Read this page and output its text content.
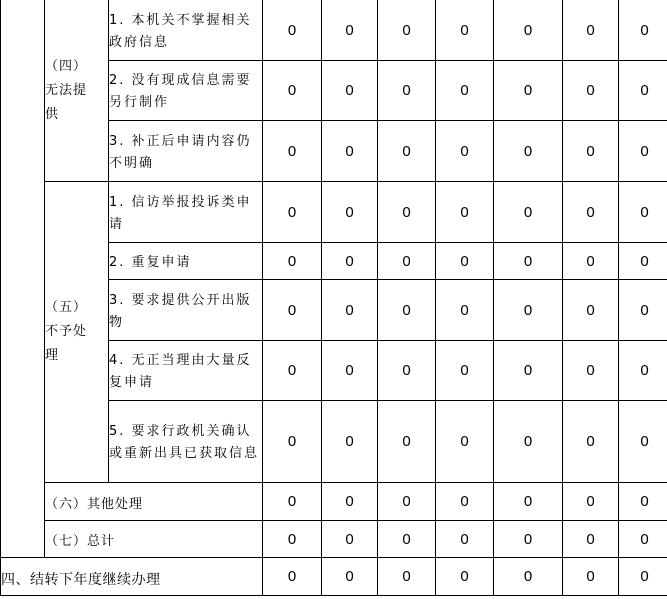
	（四）
无法提
供	1. 本机关不掌握相关政府信息	0	0	0	0	0	0	0

		2. 没有现成信息需要另行制作	0	0	0	0	0	0	0

		3. 补正后申请内容仍不明确	0	0	0	0	0	0	0

	（五）
不予处
理	1. 信访举报投诉类申请	0	0	0	0	0	0	0

		2. 重复申请	0	0	0	0	0	0	0

		3. 要求提供公开出版物	0	0	0	0	0	0	0

		4. 无正当理由大量反复申请	0	0	0	0	0	0	0

		5. 要求行政机关确认或重新出具已获取信息	0	0	0	0	0	0	0

	（六）其他处理		0	0	0	0	0	0	0

	（七）总计		0	0	0	0	0	0	0

四、结转下年度继续办理			0	0	0	0	0	0	0
